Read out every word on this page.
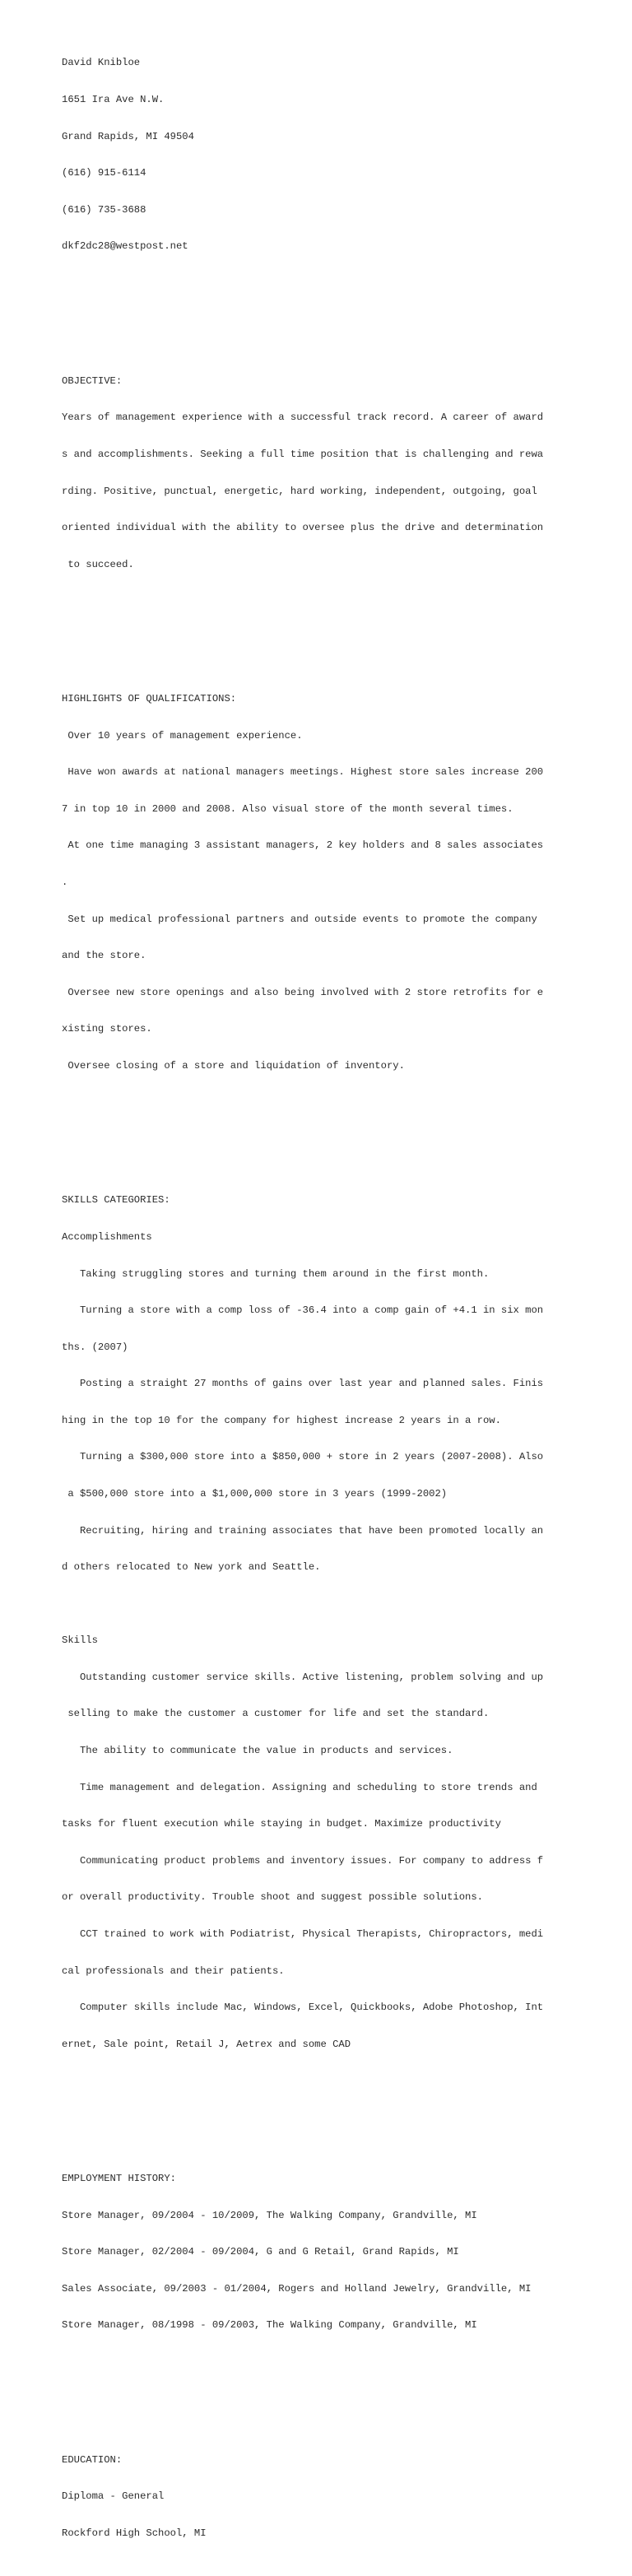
David Knibloe

1651 Ira Ave N.W.

Grand Rapids, MI 49504

(616) 915-6114

(616) 735-3688

dkf2dc28@westpost.net

OBJECTIVE:

Years of management experience with a successful track record. A career of award

s and accomplishments. Seeking a full time position that is challenging and rewa

rding. Positive, punctual, energetic, hard working, independent, outgoing, goal

oriented individual with the ability to oversee plus the drive and determination

to succeed.

HIGHLIGHTS OF QUALIFICATIONS:

Over 10 years of management experience.

Have won awards at national managers meetings. Highest store sales increase 200

7 in top 10 in 2000 and 2008. Also visual store of the month several times.

At one time managing 3 assistant managers, 2 key holders and 8 sales associates

.

Set up medical professional partners and outside events to promote the company

and the store.

Oversee new store openings and also being involved with 2 store retrofits for e

xisting stores.

Oversee closing of a store and liquidation of inventory.

SKILLS CATEGORIES:

Accomplishments

Taking struggling stores and turning them around in the first month.

Turning a store with a comp loss of -36.4 into a comp gain of +4.1 in six mon

ths. (2007)

Posting a straight 27 months of gains over last year and planned sales. Finis

hing in the top 10 for the company for highest increase 2 years in a row.

Turning a $300,000 store into a $850,000 + store in 2 years (2007-2008). Also

a $500,000 store into a $1,000,000 store in 3 years (1999-2002)

Recruiting, hiring and training associates that have been promoted locally an

d others relocated to New york and Seattle.

Skills

Outstanding customer service skills. Active listening, problem solving and up

selling to make the customer a customer for life and set the standard.

The ability to communicate the value in products and services.

Time management and delegation. Assigning and scheduling to store trends and

tasks for fluent execution while staying in budget. Maximize productivity

Communicating product problems and inventory issues. For company to address f

or overall productivity. Trouble shoot and suggest possible solutions.

CCT trained to work with Podiatrist, Physical Therapists, Chiropractors, medi

cal professionals and their patients.

Computer skills include Mac, Windows, Excel, Quickbooks, Adobe Photoshop, Int

ernet, Sale point, Retail J, Aetrex and some CAD

EMPLOYMENT HISTORY:

Store Manager, 09/2004 - 10/2009, The Walking Company, Grandville, MI

Store Manager, 02/2004 - 09/2004, G and G Retail, Grand Rapids, MI

Sales Associate, 09/2003 - 01/2004, Rogers and Holland Jewelry, Grandville, MI

Store Manager, 08/1998 - 09/2003, The Walking Company, Grandville, MI

EDUCATION:

Diploma - General

Rockford High School, MI
